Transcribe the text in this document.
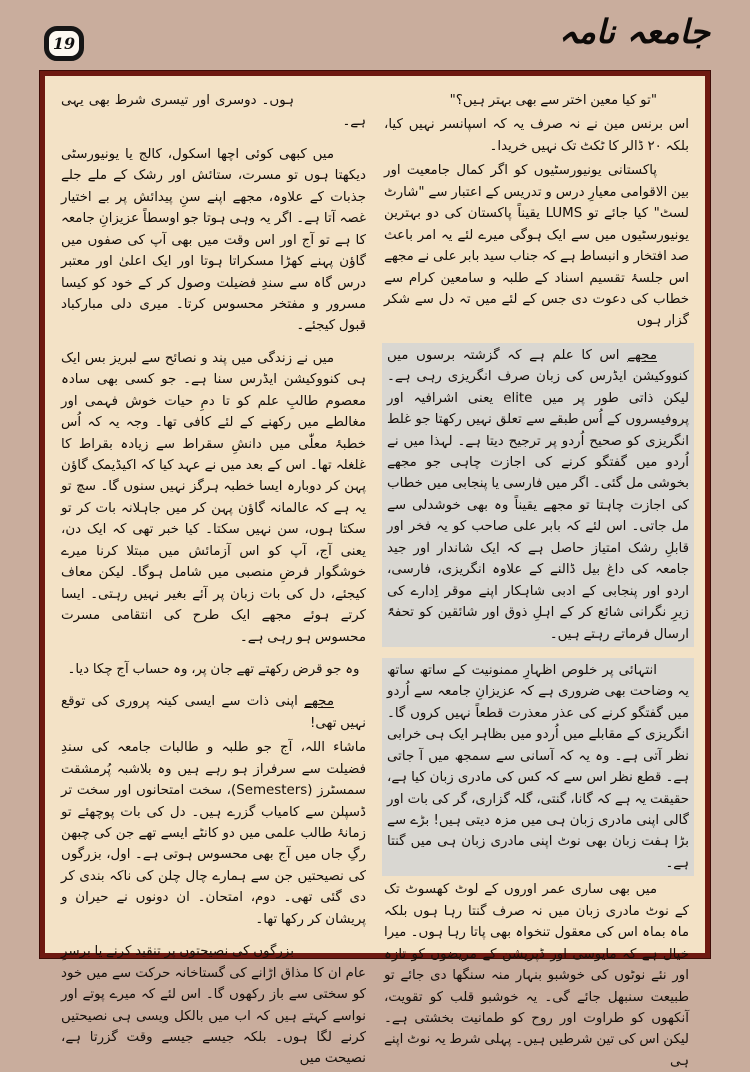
19	جامعہ نامہ

"تو کیا معین اختر سے بھی بہتر ہیں؟"

اس برنس مین نے نہ صرف یہ کہ اسپانسر نہیں کیا، بلکہ ۲۰ ڈالر کا ٹکٹ تک نہیں خریدا۔

پاکستانی یونیورسٹیوں کو اگر کمال جامعیت اور بین الاقوامی معیارِ درس و تدریس کے اعتبار سے "شارٹ لسٹ" کیا جائے تو LUMS یقیناً پاکستان کی دو بہترین یونیورسٹیوں میں سے ایک ہوگی میرے لئے یہ امر باعث صد افتخار و انبساط ہے کہ جناب سید بابر علی نے مجھے اس جلسۂ تقسیم اسناد کے طلبہ و سامعین کرام سے خطاب کی دعوت دی جس کے لئے میں تہ دل سے شکر گزار ہوں

مجھے اس کا علم ہے کہ گزشتہ برسوں میں کنووکیشن ایڈرس کی زبان صرف انگریزی رہی ہے۔ لیکن ذاتی طور پر میں elite یعنی اشرافیہ اور پروفیسروں کے اُس طبقے سے تعلق نہیں رکھتا جو غلط انگریزی کو صحیح اُردو پر ترجیح دیتا ہے۔ لہذا میں نے اُردو میں گفتگو کرنے کی اجازت چاہی جو مجھے بخوشی مل گئی۔ اگر میں فارسی یا پنجابی میں خطاب کی اجازت چاہتا تو مجھے یقیناً وہ بھی خوشدلی سے مل جاتی۔ اس لئے کہ بابر علی صاحب کو یہ فخر اور قابلِ رشک امتیاز حاصل ہے کہ ایک شاندار اور جید جامعہ کی داغ بیل ڈالنے کے علاوہ انگریزی، فارسی، اردو اور پنجابی کے ادبی شاہکار اپنے موقر اِدارے کی زیرِ نگرانی شائع کر کے اہلِ ذوق اور شائقین کو تحفۃً ارسال فرماتے رہتے ہیں۔

انتہائی پر خلوص اظہارِ ممنونیت کے ساتھ ساتھ یہ وضاحت بھی ضروری ہے کہ عزیزانِ جامعہ سے اُردو میں گفتگو کرنے کی عذر معذرت قطعاً نہیں کروں گا۔ انگریزی کے مقابلے میں اُردو میں بظاہر ایک ہی خرابی نظر آتی ہے۔ وہ یہ کہ آسانی سے سمجھ میں آ جاتی ہے۔ قطع نظر اس سے کہ کس کی مادری زبان کیا ہے، حقیقت یہ ہے کہ گانا، گنتی، گلہ گزاری، گر کی بات اور گالی اپنی مادری زبان ہی میں مزہ دیتی ہیں! بڑے سے بڑا ہفت زبان بھی نوٹ اپنی مادری زبان ہی میں گنتا ہے۔

میں بھی ساری عمر اوروں کے لوٹ کھسوٹ تک کے نوٹ مادری زبان میں نہ صرف گنتا رہا ہوں بلکہ ماہ بماہ اس کی معقول تنخواہ بھی پاتا رہا ہوں۔ میرا خیال ہے کہ مایوسی اور ڈپریشن کے مریضوں کو تازہ اور نئے نوٹوں کی خوشبو بنہار منہ سنگھا دی جائے تو طبیعت سنبھل جائے گی۔ یہ خوشبو قلب کو تقویت، آنکھوں کو طراوت اور روح کو طمانیت بخشتی ہے۔ لیکن اس کی تین شرطیں ہیں۔ پہلی شرط یہ نوٹ اپنے ہی

ہوں۔ دوسری اور تیسری شرط بھی یہی ہے۔

میں کبھی کوئی اچھا اسکول، کالج یا یونیورسٹی دیکھتا ہوں تو مسرت، ستائش اور رشک کے ملے جلے جذبات کے علاوہ، مجھے اپنے سنِ پیدائش پر بے اختیار غصہ آتا ہے۔ اگر یہ وہی ہوتا جو اوسطاً عزیزانِ جامعہ کا ہے تو آج اور اس وقت میں بھی آپ کی صفوں میں گاؤن پہنے کھڑا مسکراتا ہوتا اور ایک اعلیٰ اور معتبر درس گاہ سے سندِ فضیلت وصول کر کے خود کو کیسا مسرور و مفتخر محسوس کرتا۔ میری دلی مبارکباد قبول کیجئے۔

میں نے زندگی میں پند و نصائح سے لبریز بس ایک ہی کنووکیشن ایڈرس سنا ہے۔ جو کسی بھی سادہ معصوم طالبِ علم کو تا دمِ حیات خوش فہمی اور مغالطے میں رکھنے کے لئے کافی تھا۔ وجہ یہ کہ اُس خطبۂ معلّٰی میں دانشِ سقراط سے زیادہ بقراط کا غلغلہ تھا۔ اس کے بعد میں نے عہد کیا کہ اکیڈیمک گاؤن پہن کر دوبارہ ایسا خطبہ ہرگز نہیں سنوں گا۔ سچ تو یہ ہے کہ عالمانہ گاؤن پہن کر میں جاہلانہ بات کر تو سکتا ہوں، سن نہیں سکتا۔ کیا خبر تھی کہ ایک دن، یعنی آج، آپ کو اس آزمائش میں مبتلا کرنا میرے خوشگوار فرضِ منصبی میں شامل ہوگا۔ لیکن معاف کیجئے، دل کی بات زبان پر آئے بغیر نہیں رہتی۔ ایسا کرتے ہوئے مجھے ایک طرح کی انتقامی مسرت محسوس ہو رہی ہے۔

وہ جو قرض رکھتے تھے جان پر، وہ حساب آج چکا دیا۔

مجھے اپنی ذات سے ایسی کینہ پروری کی توقع نہیں تھی!

ماشاء اللہ، آج جو طلبہ و طالبات جامعہ کی سندِ فضیلت سے سرفراز ہو رہے ہیں وہ بلاشبہ پُرمشقت سمسٹرز (Semesters)، سخت امتحانوں اور سخت تر ڈسپلن سے کامیاب گزرے ہیں۔ دل کی بات پوچھئے تو زمانۂ طالب علمی میں دو کانٹے ایسے تھے جن کی چبھن رگِ جاں میں آج بھی محسوس ہوتی ہے۔ اول، بزرگوں کی نصیحتیں جن سے ہمارے چال چلن کی ناکہ بندی کر دی گئی تھی۔ دوم، امتحان۔ ان دونوں نے حیران و پریشان کر رکھا تھا۔

بزرگوں کی نصیحتوں پر تنقید کرنے یا برسرِ عام ان کا مذاق اڑانے کی گستاخانہ حرکت سے میں خود کو سختی سے باز رکھوں گا۔ اس لئے کہ میرے پوتے اور نواسے کہتے ہیں کہ اب میں بالکل ویسی ہی نصیحتیں کرنے لگا ہوں۔ بلکہ جیسے جیسے وقت گزرتا ہے، نصیحت میں
